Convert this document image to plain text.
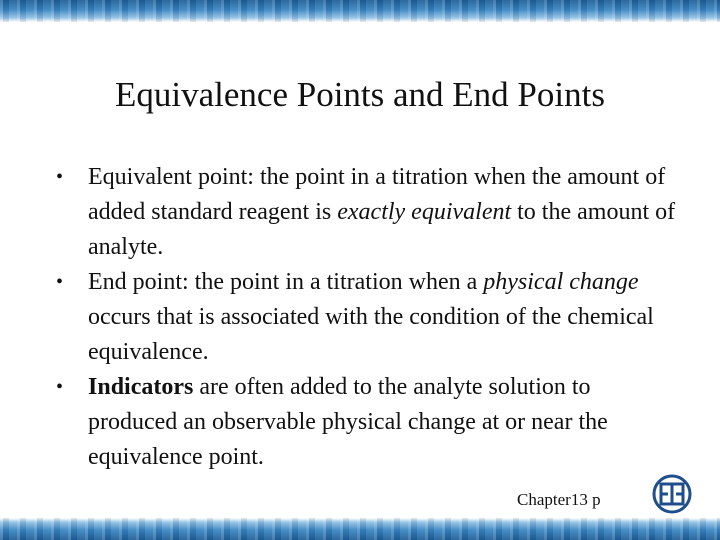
Equivalence Points and End Points
• Equivalent point: the point in a titration when the amount of added standard reagent is exactly equivalent to the amount of analyte.
• End point: the point in a titration when a physical change occurs that is associated with the condition of the chemical equivalence.
• Indicators are often added to the analyte solution to produced an observable physical change at or near the equivalence point.
Chapter13 p
